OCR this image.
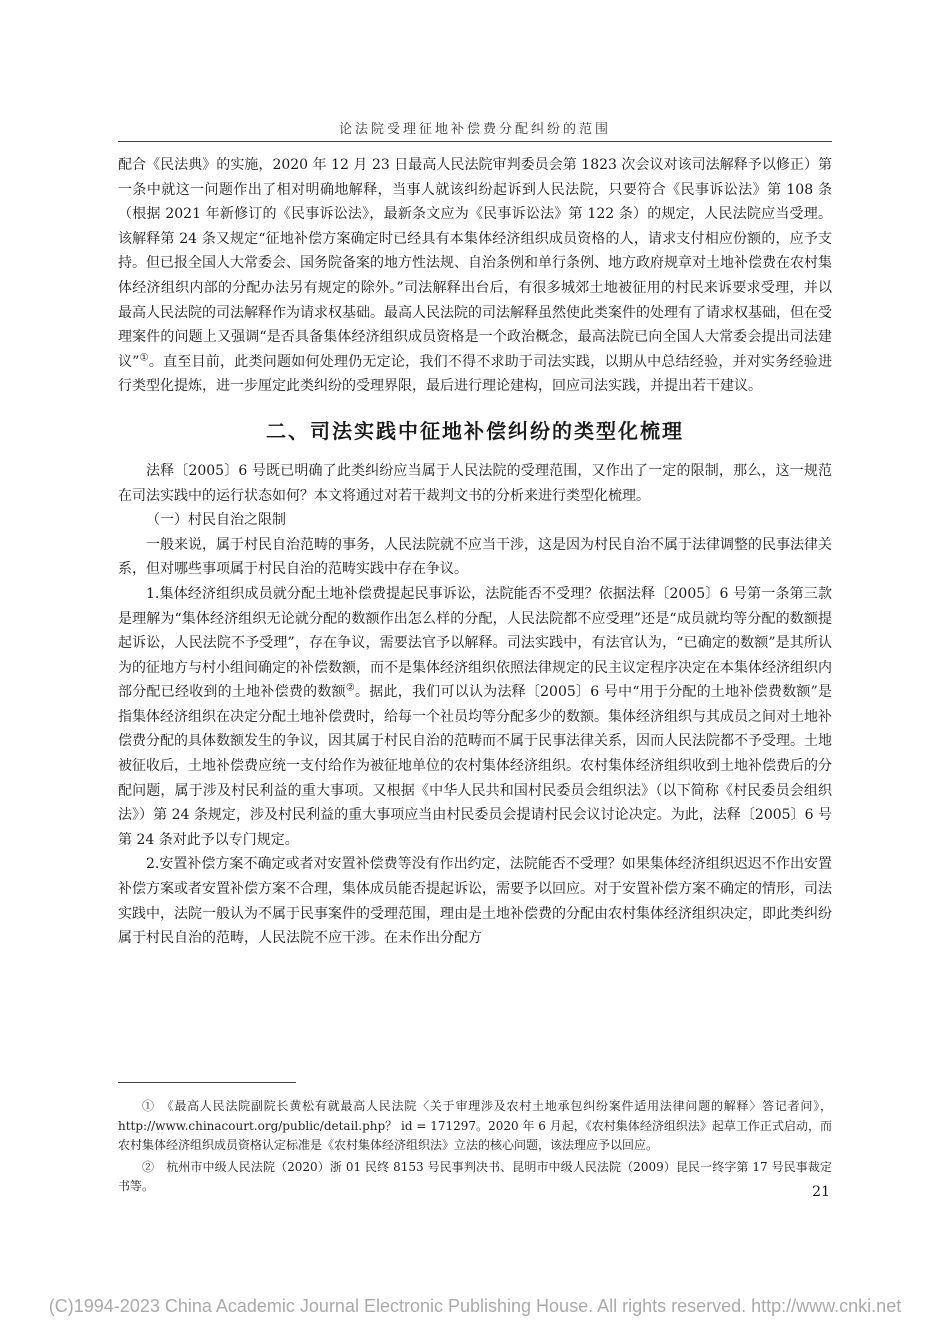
论法院受理征地补偿费分配纠纷的范围

配合《民法典》的实施，2020 年 12 月 23 日最高人民法院审判委员会第 1823 次会议对该司法解释予以修正）第一条中就这一问题作出了相对明确地解释，当事人就该纠纷起诉到人民法院，只要符合《民事诉讼法》第 108 条（根据 2021 年新修订的《民事诉讼法》，最新条文应为《民事诉讼法》第 122 条）的规定，人民法院应当受理。该解释第 24 条又规定“征地补偿方案确定时已经具有本集体经济组织成员资格的人，请求支付相应份额的，应予支持。但已报全国人大常委会、国务院备案的地方性法规、自治条例和单行条例、地方政府规章对土地补偿费在农村集体经济组织内部的分配办法另有规定的除外。”司法解释出台后，有很多城郊土地被征用的村民来诉要求受理，并以最高人民法院的司法解释作为请求权基础。最高人民法院的司法解释虽然使此类案件的处理有了请求权基础，但在受理案件的问题上又强调“是否具备集体经济组织成员资格是一个政治概念，最高法院已向全国人大常委会提出司法建议”①。直至目前，此类问题如何处理仍无定论，我们不得不求助于司法实践，以期从中总结经验，并对实务经验进行类型化提炼，进一步厘定此类纠纷的受理界限，最后进行理论建构，回应司法实践，并提出若干建议。

二、司法实践中征地补偿纠纷的类型化梳理

法释〔2005〕6 号既已明确了此类纠纷应当属于人民法院的受理范围，又作出了一定的限制，那么，这一规范在司法实践中的运行状态如何？本文将通过对若干裁判文书的分析来进行类型化梳理。

（一）村民自治之限制

一般来说，属于村民自治范畴的事务，人民法院就不应当干涉，这是因为村民自治不属于法律调整的民事法律关系，但对哪些事项属于村民自治的范畴实践中存在争议。

1.集体经济组织成员就分配土地补偿费提起民事诉讼，法院能否不受理？依据法释〔2005〕6 号第一条第三款是理解为“集体经济组织无论就分配的数额作出怎么样的分配，人民法院都不应受理”还是“成员就均等分配的数额提起诉讼，人民法院不予受理”，存在争议，需要法官予以解释。司法实践中，有法官认为，“已确定的数额”是其所认为的征地方与村小组间确定的补偿数额，而不是集体经济组织依照法律规定的民主议定程序决定在本集体经济组织内部分配已经收到的土地补偿费的数额②。据此，我们可以认为法释〔2005〕6 号中“用于分配的土地补偿费数额”是指集体经济组织在决定分配土地补偿费时，给每一个社员均等分配多少的数额。集体经济组织与其成员之间对土地补偿费分配的具体数额发生的争议，因其属于村民自治的范畴而不属于民事法律关系，因而人民法院都不予受理。土地被征收后，土地补偿费应统一支付给作为被征地单位的农村集体经济组织。农村集体经济组织收到土地补偿费后的分配问题，属于涉及村民利益的重大事项。又根据《中华人民共和国村民委员会组织法》（以下简称《村民委员会组织法》）第 24 条规定，涉及村民利益的重大事项应当由村民委员会提请村民会议讨论决定。为此，法释〔2005〕6 号第 24 条对此予以专门规定。

2.安置补偿方案不确定或者对安置补偿费等没有作出约定，法院能否不受理？如果集体经济组织迟迟不作出安置补偿方案或者安置补偿方案不合理，集体成员能否提起诉讼，需要予以回应。对于安置补偿方案不确定的情形，司法实践中，法院一般认为不属于民事案件的受理范围，理由是土地补偿费的分配由农村集体经济组织决定，即此类纠纷属于村民自治的范畴，人民法院不应干涉。在未作出分配方

①　《最高人民法院副院长黄松有就最高人民法院〈关于审理涉及农村土地承包纠纷案件适用法律问题的解释〉答记者问》，http://www.chinacourt.org/public/detail.php？ id = 171297。2020 年 6 月起，《农村集体经济组织法》起草工作正式启动，而农村集体经济组织成员资格认定标准是《农村集体经济组织法》立法的核心问题，该法理应予以回应。

②　杭州市中级人民法院（2020）浙 01 民终 8153 号民事判决书、昆明市中级人民法院（2009）昆民一终字第 17 号民事裁定书等。	21
(C)1994-2023 China Academic Journal Electronic Publishing House. All rights reserved. http://www.cnki.net
